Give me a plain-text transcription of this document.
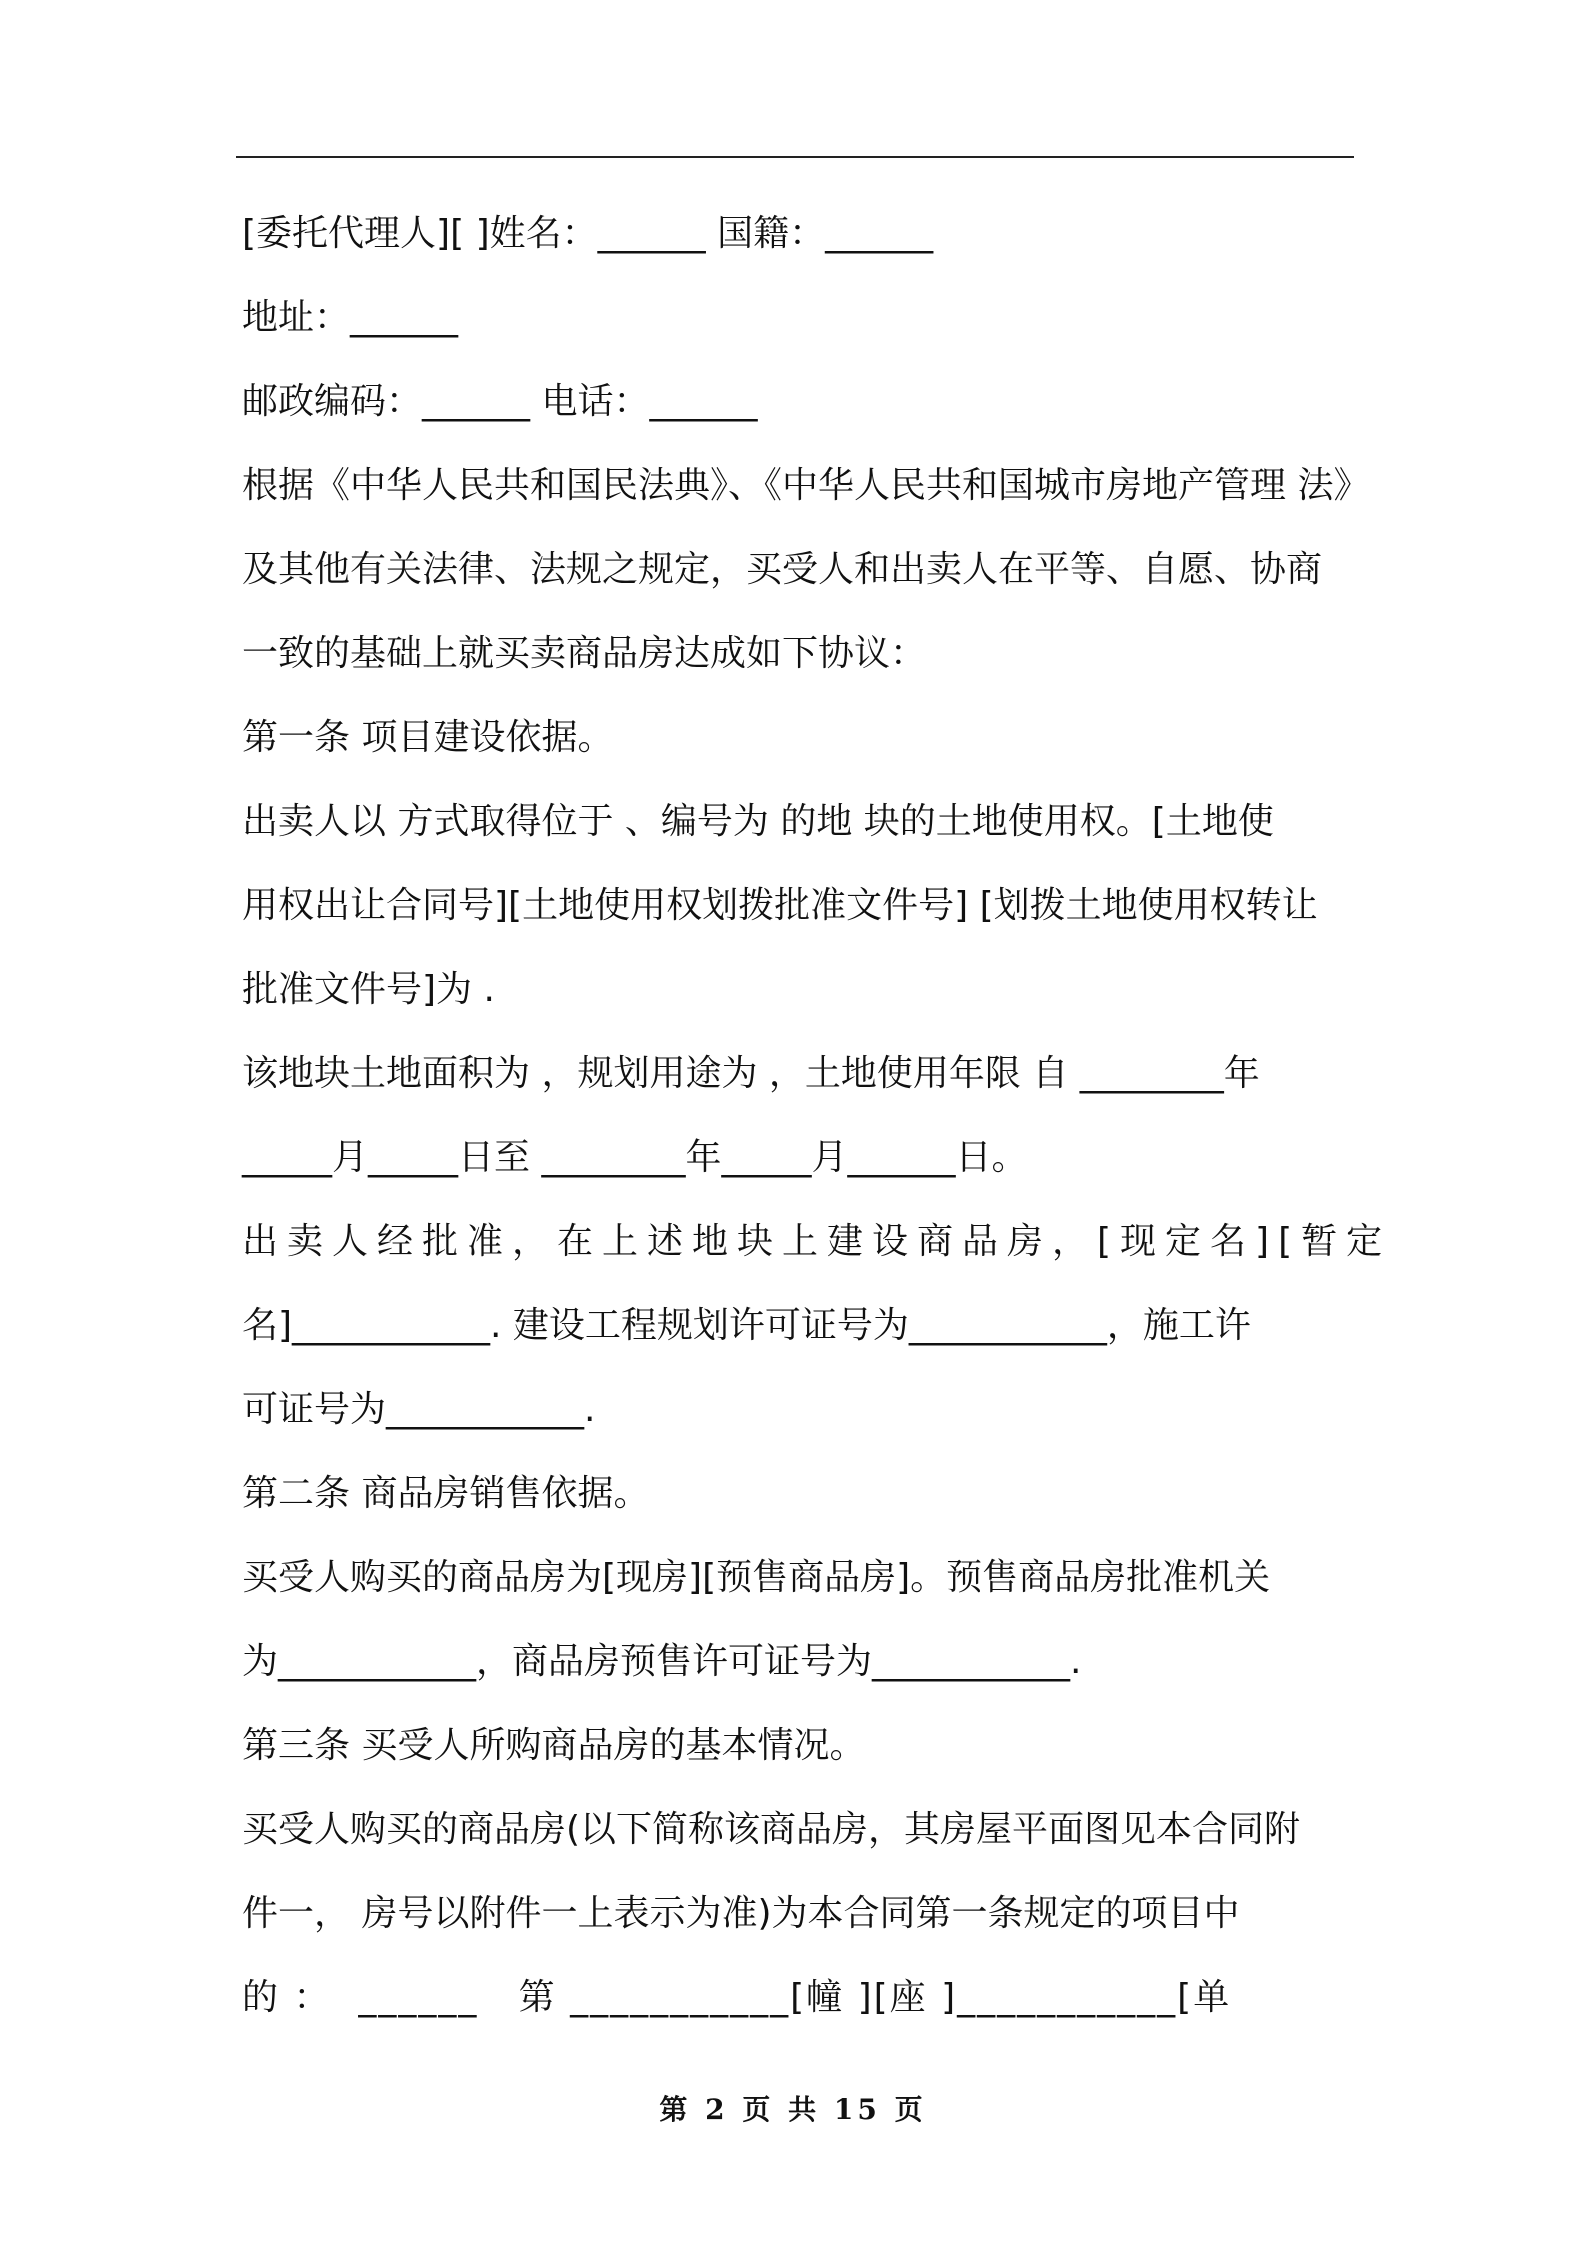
[委托代理人][ ]姓名：______ 国籍：______
地址：______
邮政编码：______ 电话：______
根据《中华人民共和国民法典》、《中华人民共和国城市房地产管理 法》
及其他有关法律、法规之规定，买受人和出卖人在平等、自愿、协商
一致的基础上就买卖商品房达成如下协议：
第一条 项目建设依据。
出卖人以 方式取得位于 、编号为 的地 块的土地使用权。[土地使
用权出让合同号][土地使用权划拨批准文件号] [划拨土地使用权转让
批准文件号]为 .
该地块土地面积为 ，规划用途为 ，土地使用年限 自 ________年
_____月_____日至 ________年_____月______日。
出卖人经批准，在上述地块上建设商品房，[现定名][暂定
名]___________. 建设工程规划许可证号为___________，施工许
可证号为___________.
第二条 商品房销售依据。
买受人购买的商品房为[现房][预售商品房]。预售商品房批准机关
为___________，商品房预售许可证号为___________.
第三条 买受人所购商品房的基本情况。
买受人购买的商品房(以下简称该商品房，其房屋平面图见本合同附
件一， 房号以附件一上表示为准)为本合同第一条规定的项目中
的 ：  ______   第 ___________[幢 ][座 ]___________[单
第 2 页 共 15 页
